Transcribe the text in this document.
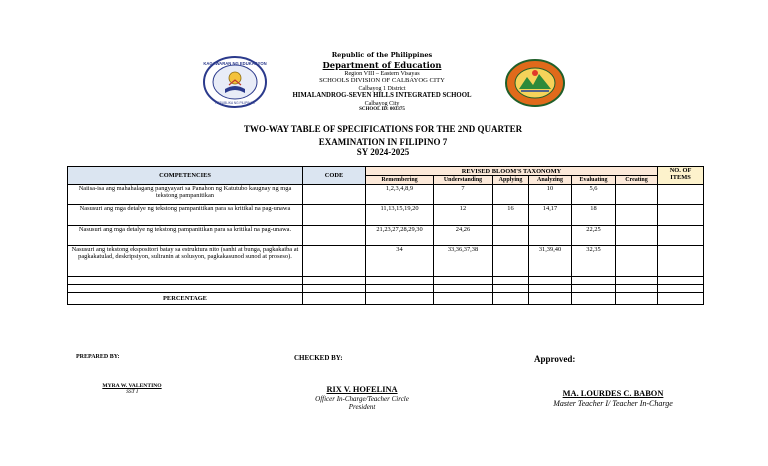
KAGAWARAN NG EDUKASYON
REPUBLIKA NG PILIPINAS
Republic of the Philippines
Department of Education
Region VIII – Eastern Visayas
SCHOOLS DIVISION OF CALBAYOG CITY
Calbayog 1 District
HIMALANDROG-SEVEN HILLS INTEGRATED SCHOOL
Calbayog City
SCHOOL ID: 003375
TWO-WAY TABLE OF SPECIFICATIONS FOR THE 2ND QUARTER
EXAMINATION IN FILIPINO 7
SY 2024-2025
COMPETENCIES	CODE	REVISED BLOOM'S TAXONOMY						NO. OF ITEMS
		Remembering	Understanding	Applying	Analyzing	Evaluating	Creating	
Naiisa-isa ang mahahalagang pangyayari sa Panahon ng Katutubo kaugnay ng mga tekstong pampanitikan		1,2,3,4,8,9	7		10	5,6		
Nasusuri ang mga detalye ng tekstong pampanitikan para sa kritikal na pag-unawa		11,13,15,19,20	12	16	14,17	18		
Nasusuri ang mga detalye ng tekstong pampanitikan para sa kritikal na pag-unawa.		21,23,27,28,29,30	24,26			22,25		
Nasusuri ang tekstong ekspositori batay sa estruktura nito (sanhi at bunga, pagkakaiba at pagkakatulad, deskripsiyon, suliranin at solusyon, pagkakasunod sunod at proseso).		34	33,36,37,38		31,39,40	32,35		

PERCENTAGE								
PREPARED BY:	CHECKED BY:	Approved:
MYRA W. VALENTINO
SST I	RIX V. HOFELINA
Officer In-Charge/Teacher Circle
President
MA. LOURDES C. BABON
Master Teacher I/ Teacher In-Charge
